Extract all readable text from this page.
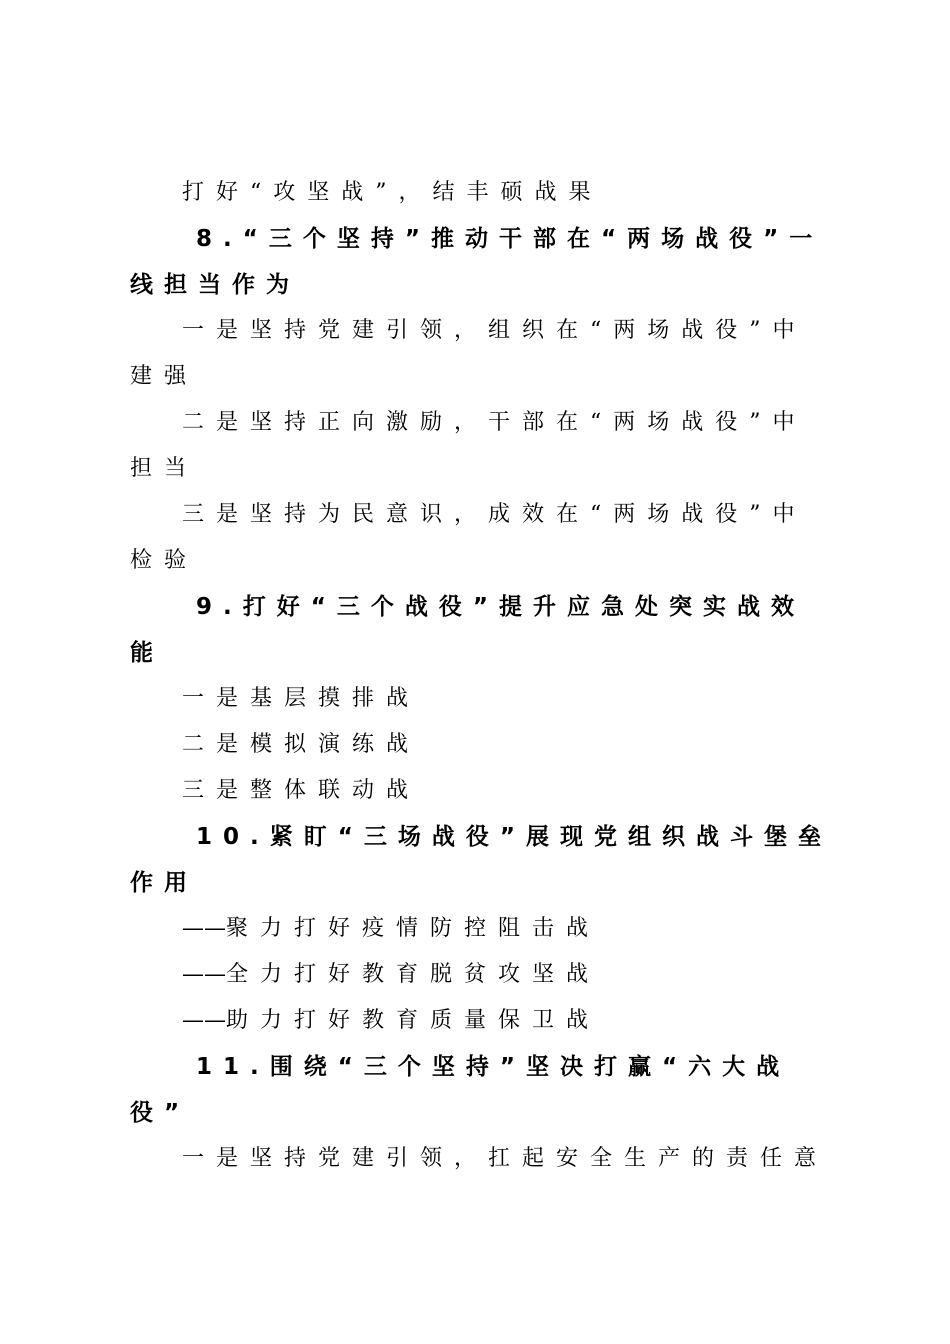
打好“攻坚战”，结丰硕战果
8.“三个坚持”推动干部在“两场战役”一
线担当作为
一是坚持党建引领，组织在“两场战役”中
建强
二是坚持正向激励，干部在“两场战役”中
担当
三是坚持为民意识，成效在“两场战役”中
检验
9.打好“三个战役”提升应急处突实战效
能
一是基层摸排战
二是模拟演练战
三是整体联动战
10.紧盯“三场战役”展现党组织战斗堡垒
作用
——聚力打好疫情防控阻击战
——全力打好教育脱贫攻坚战
——助力打好教育质量保卫战
11.围绕“三个坚持”坚决打赢“六大战
役”
一是坚持党建引领，扛起安全生产的责任意
